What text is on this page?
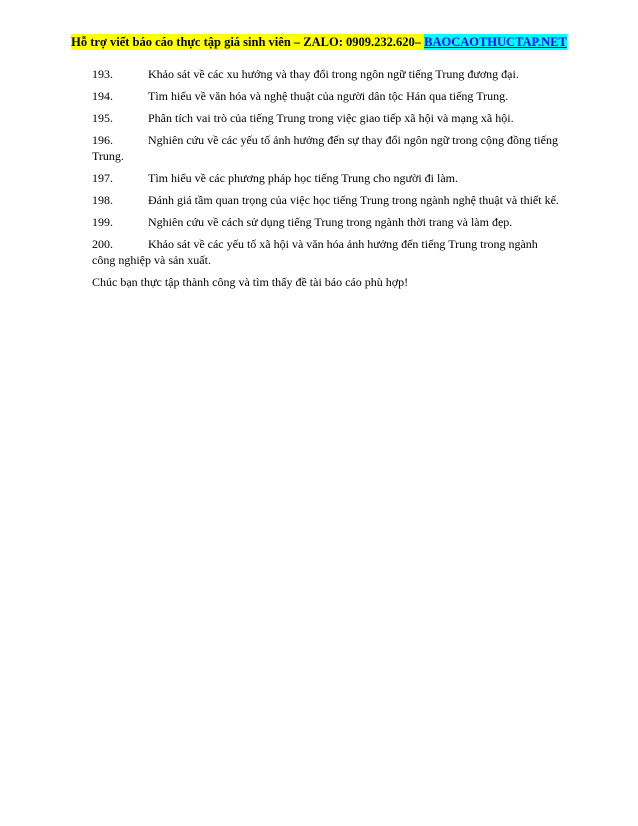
Hỗ trợ viết báo cáo thực tập giá sinh viên – ZALO: 0909.232.620– BAOCAOTHUCTAP.NET
193.	Khảo sát về các xu hướng và thay đổi trong ngôn ngữ tiếng Trung đương đại.
194.	Tìm hiểu về văn hóa và nghệ thuật của người dân tộc Hán qua tiếng Trung.
195.	Phân tích vai trò của tiếng Trung trong việc giao tiếp xã hội và mạng xã hội.
196.	Nghiên cứu về các yếu tố ảnh hưởng đến sự thay đổi ngôn ngữ trong cộng đồng tiếng Trung.
197.	Tìm hiểu về các phương pháp học tiếng Trung cho người đi làm.
198.	Đánh giá tầm quan trọng của việc học tiếng Trung trong ngành nghệ thuật và thiết kế.
199.	Nghiên cứu về cách sử dụng tiếng Trung trong ngành thời trang và làm đẹp.
200.	Khảo sát về các yếu tố xã hội và văn hóa ảnh hưởng đến tiếng Trung trong ngành công nghiệp và sản xuất.
Chúc bạn thực tập thành công và tìm thấy đề tài báo cáo phù hợp!
